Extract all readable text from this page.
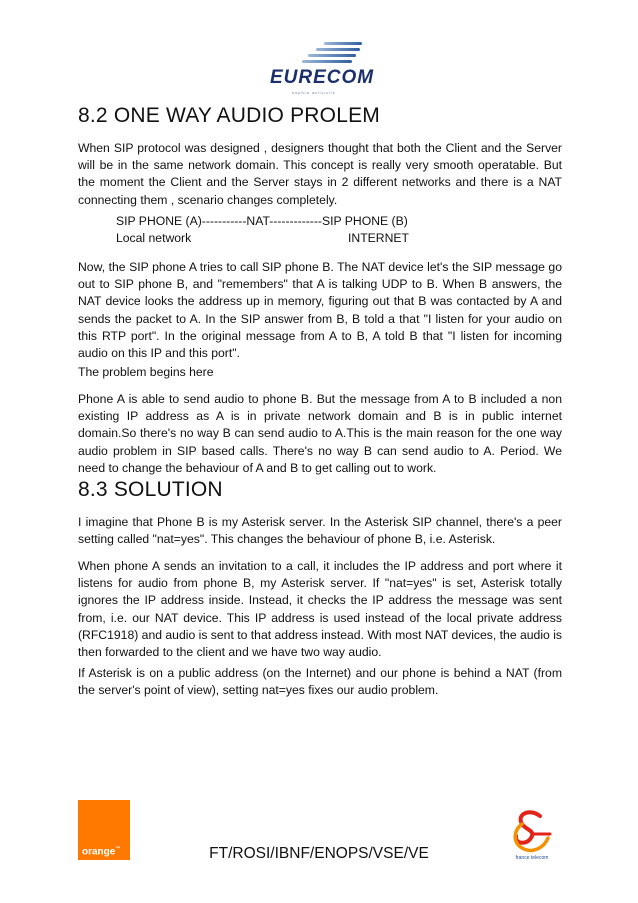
EURECOM
sophia antipolis
8.2 ONE WAY AUDIO PROLEM

When SIP protocol was designed , designers thought that both the Client and the Server will be in the same network domain. This concept is really very smooth operatable. But the moment the Client and the Server stays in 2 different networks and there is a NAT connecting them , scenario changes completely.

SIP PHONE (A)-----------NAT-------------SIP PHONE (B)
Local network	INTERNET

Now, the SIP phone A tries to call SIP phone B. The NAT device let's the SIP message go out to SIP phone B, and "remembers" that A is talking UDP to B. When B answers, the NAT device looks the address up in memory, figuring out that B was contacted by A and sends the packet to A. In the SIP answer from B, B told a that "I listen for your audio on this RTP port". In the original message from A to B, A told B that "I listen for incoming audio on this IP and this port".

The problem begins here

Phone A is able to send audio to phone B. But the message from A to B included a non existing IP address as A is in private network domain and B is in public internet domain.So there's no way B can send audio to A.This is the main reason for the one way audio problem in SIP based calls. There's no way B can send audio to A. Period. We need to change the behaviour of A and B to get calling out to work.

8.3 SOLUTION

I imagine that Phone B is my Asterisk server. In the Asterisk SIP channel, there's a peer setting called "nat=yes". This changes the behaviour of phone B, i.e. Asterisk.

When phone A sends an invitation to a call, it includes the IP address and port where it listens for audio from phone B, my Asterisk server. If "nat=yes" is set, Asterisk totally ignores the IP address inside. Instead, it checks the IP address the message was sent from, i.e. our NAT device. This IP address is used instead of the local private address (RFC1918) and audio is sent to that address instead. With most NAT devices, the audio is then forwarded to the client and we have two way audio.

If Asterisk is on a public address (on the Internet) and our phone is behind a NAT (from the server's point of view), setting nat=yes fixes our audio problem.

orange™	FT/ROSI/IBNF/ENOPS/VSE/VE	france telecom
